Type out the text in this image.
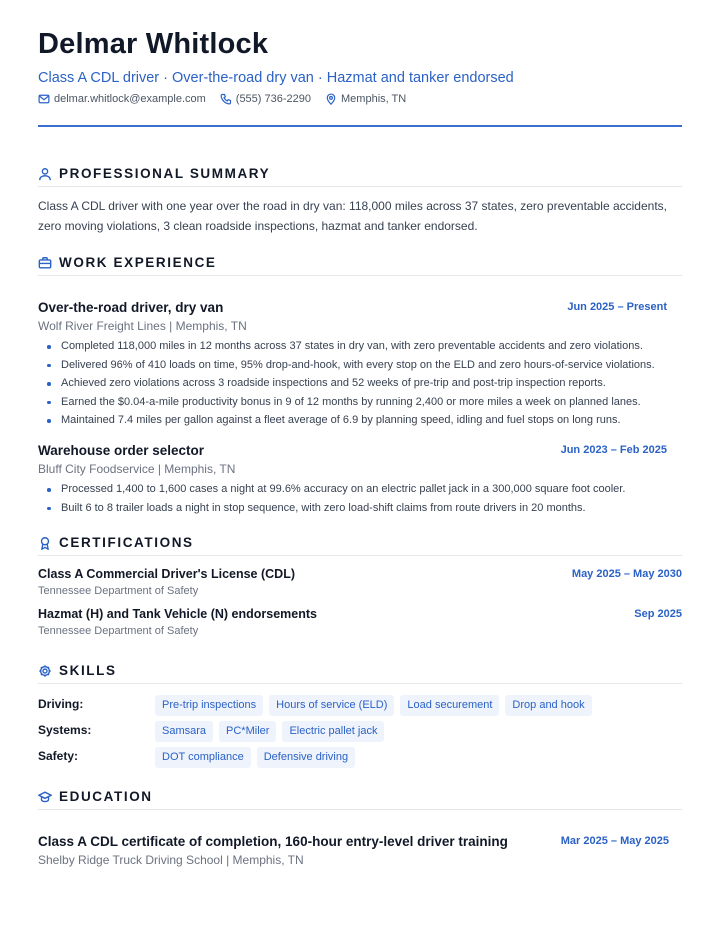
Delmar Whitlock
Class A CDL driver · Over-the-road dry van · Hazmat and tanker endorsed
delmar.whitlock@example.com	(555) 736-2290	Memphis, TN
PROFESSIONAL SUMMARY
Class A CDL driver with one year over the road in dry van: 118,000 miles across 37 states, zero preventable accidents, zero moving violations, 3 clean roadside inspections, hazmat and tanker endorsed.
WORK EXPERIENCE
Over-the-road driver, dry van	Jun 2025 – Present
Wolf River Freight Lines | Memphis, TN
Completed 118,000 miles in 12 months across 37 states in dry van, with zero preventable accidents and zero violations.
Delivered 96% of 410 loads on time, 95% drop-and-hook, with every stop on the ELD and zero hours-of-service violations.
Achieved zero violations across 3 roadside inspections and 52 weeks of pre-trip and post-trip inspection reports.
Earned the $0.04-a-mile productivity bonus in 9 of 12 months by running 2,400 or more miles a week on planned lanes.
Maintained 7.4 miles per gallon against a fleet average of 6.9 by planning speed, idling and fuel stops on long runs.
Warehouse order selector	Jun 2023 – Feb 2025
Bluff City Foodservice | Memphis, TN
Processed 1,400 to 1,600 cases a night at 99.6% accuracy on an electric pallet jack in a 300,000 square foot cooler.
Built 6 to 8 trailer loads a night in stop sequence, with zero load-shift claims from route drivers in 20 months.
CERTIFICATIONS
Class A Commercial Driver's License (CDL)	May 2025 – May 2030
Tennessee Department of Safety
Hazmat (H) and Tank Vehicle (N) endorsements	Sep 2025
Tennessee Department of Safety
SKILLS
Driving:	Pre-trip inspections	Hours of service (ELD)	Load securement	Drop and hook
Systems:	Samsara	PC*Miler	Electric pallet jack
Safety:	DOT compliance	Defensive driving
EDUCATION
Class A CDL certificate of completion, 160-hour entry-level driver training	Mar 2025 – May 2025
Shelby Ridge Truck Driving School | Memphis, TN
